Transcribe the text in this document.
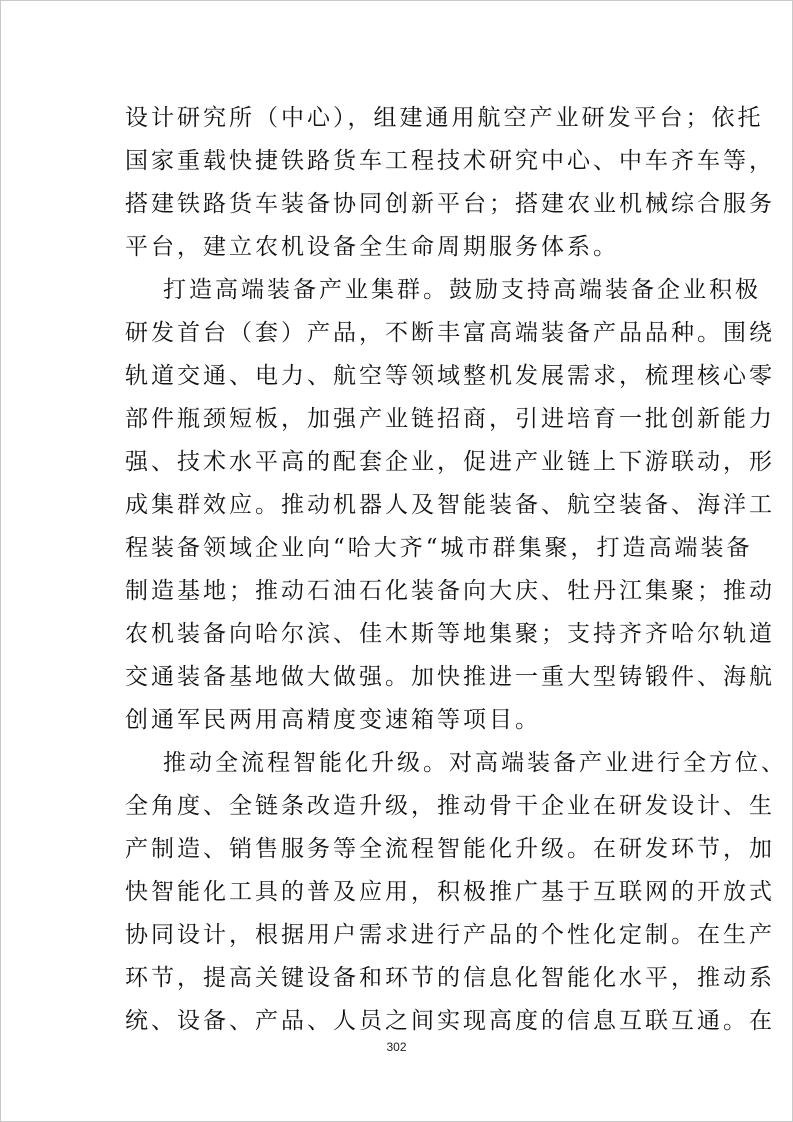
设计研究所（中心），组建通用航空产业研发平台；依托
国家重载快捷铁路货车工程技术研究中心、中车齐车等，
搭建铁路货车装备协同创新平台；搭建农业机械综合服务
平台，建立农机设备全生命周期服务体系。
打造高端装备产业集群。鼓励支持高端装备企业积极
研发首台（套）产品，不断丰富高端装备产品品种。围绕
轨道交通、电力、航空等领域整机发展需求，梳理核心零
部件瓶颈短板，加强产业链招商，引进培育一批创新能力
强、技术水平高的配套企业，促进产业链上下游联动，形
成集群效应。推动机器人及智能装备、航空装备、海洋工
程装备领域企业向“哈大齐“城市群集聚，打造高端装备
制造基地；推动石油石化装备向大庆、牡丹江集聚；推动
农机装备向哈尔滨、佳木斯等地集聚；支持齐齐哈尔轨道
交通装备基地做大做强。加快推进一重大型铸锻件、海航
创通军民两用高精度变速箱等项目。
推动全流程智能化升级。对高端装备产业进行全方位、
全角度、全链条改造升级，推动骨干企业在研发设计、生
产制造、销售服务等全流程智能化升级。在研发环节，加
快智能化工具的普及应用，积极推广基于互联网的开放式
协同设计，根据用户需求进行产品的个性化定制。在生产
环节，提高关键设备和环节的信息化智能化水平，推动系
统、设备、产品、人员之间实现高度的信息互联互通。在
302
